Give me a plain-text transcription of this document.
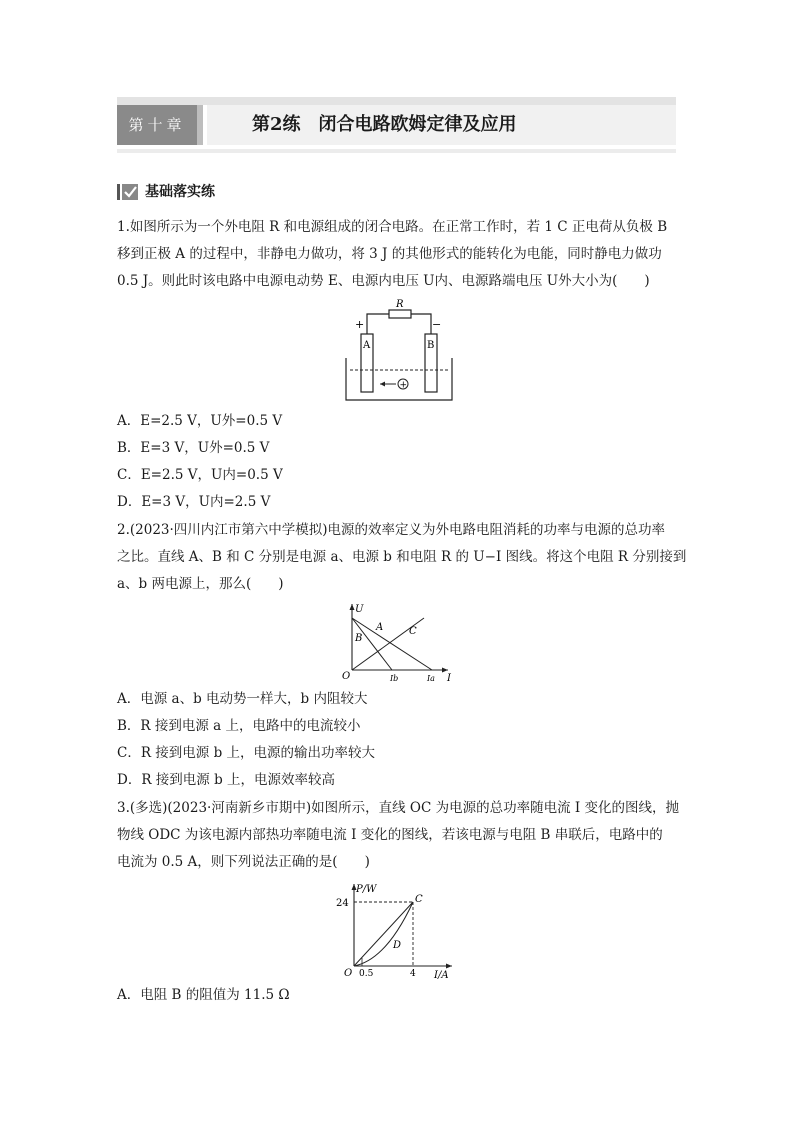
第十章	第2练　闭合电路欧姆定律及应用
基础落实练
1.如图所示为一个外电阻 R 和电源组成的闭合电路。在正常工作时，若 1 C 正电荷从负极 B
移到正极 A 的过程中，非静电力做功，将 3 J 的其他形式的能转化为电能，同时静电力做功
0.5 J。则此时该电路中电源电动势 E、电源内电压 U内、电源路端电压 U外大小为(　　)
R
+	−
A	B
+
A．E=2.5 V，U外=0.5 V
B．E=3 V，U外=0.5 V
C．E=2.5 V，U内=0.5 V
D．E=3 V，U内=2.5 V
2.(2023·四川内江市第六中学模拟)电源的效率定义为外电路电阻消耗的功率与电源的总功率
之比。直线 A、B 和 C 分别是电源 a、电源 b 和电阻 R 的 U−I 图线。将这个电阻 R 分别接到
a、b 两电源上，那么(　　)
U
I
O
A
B
C
Ib	Ia
A．电源 a、b 电动势一样大，b 内阻较大
B．R 接到电源 a 上，电路中的电流较小
C．R 接到电源 b 上，电源的输出功率较大
D．R 接到电源 b 上，电源效率较高
3.(多选)(2023·河南新乡市期中)如图所示，直线 OC 为电源的总功率随电流 I 变化的图线，抛
物线 ODC 为该电源内部热功率随电流 I 变化的图线，若该电源与电阻 B 串联后，电路中的
电流为 0.5 A，则下列说法正确的是(　　)
P/W
I/A
O
24	C
D
0.5	4
A．电阻 B 的阻值为 11.5 Ω
